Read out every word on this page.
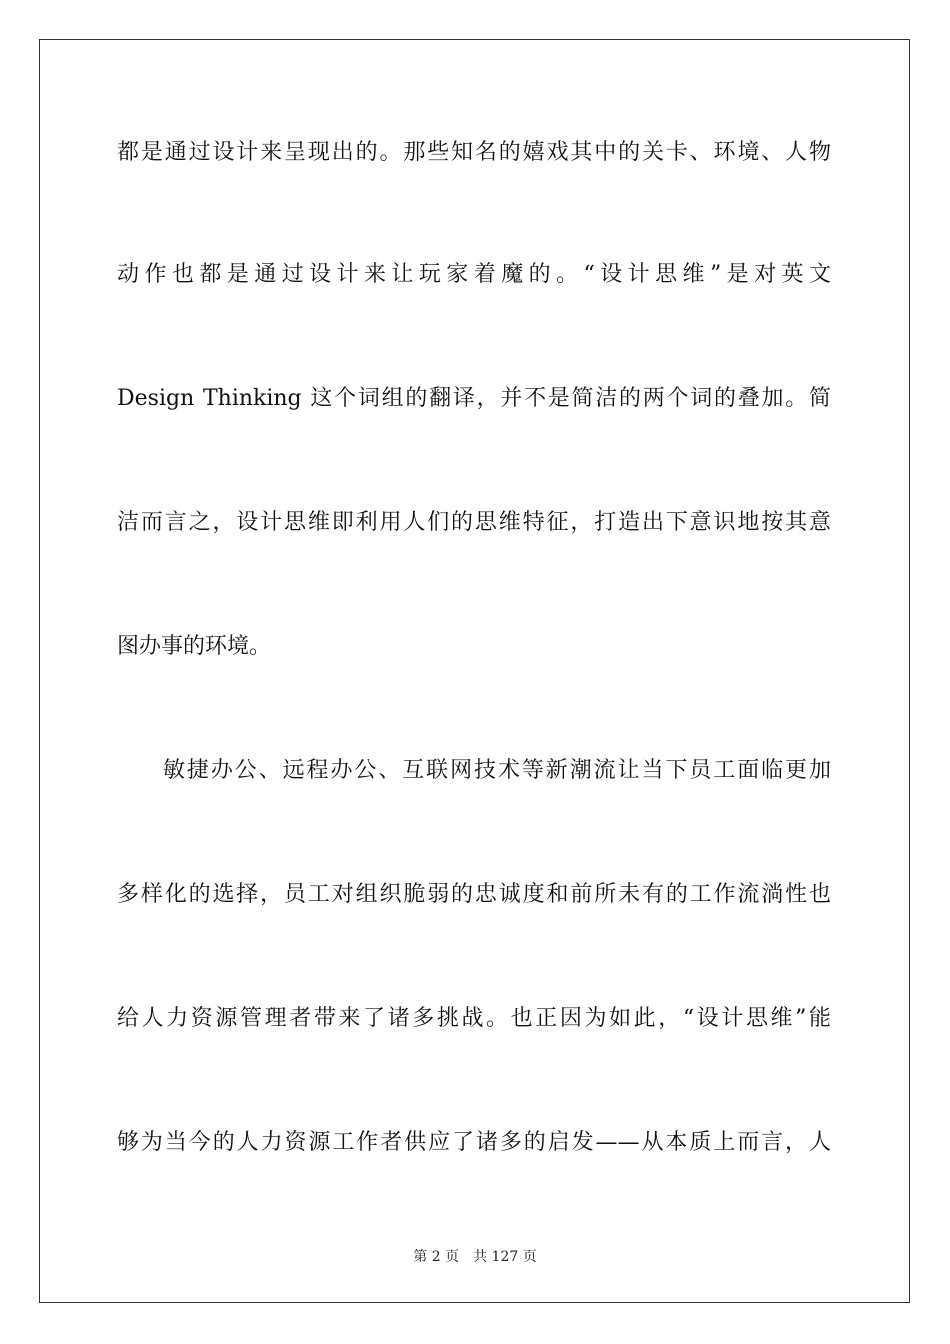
都是通过设计来呈现出的。那些知名的嬉戏其中的关卡、环境、人物
动作也都是通过设计来让玩家着魔的。“设计思维”是对英文
Design Thinking 这个词组的翻译，并不是简洁的两个词的叠加。简
洁而言之，设计思维即利用人们的思维特征，打造出下意识地按其意
图办事的环境。
敏捷办公、远程办公、互联网技术等新潮流让当下员工面临更加
多样化的选择，员工对组织脆弱的忠诚度和前所未有的工作流淌性也
给人力资源管理者带来了诸多挑战。也正因为如此，“设计思维”能
够为当今的人力资源工作者供应了诸多的启发——从本质上而言，人
第 2 页 共 127 页
